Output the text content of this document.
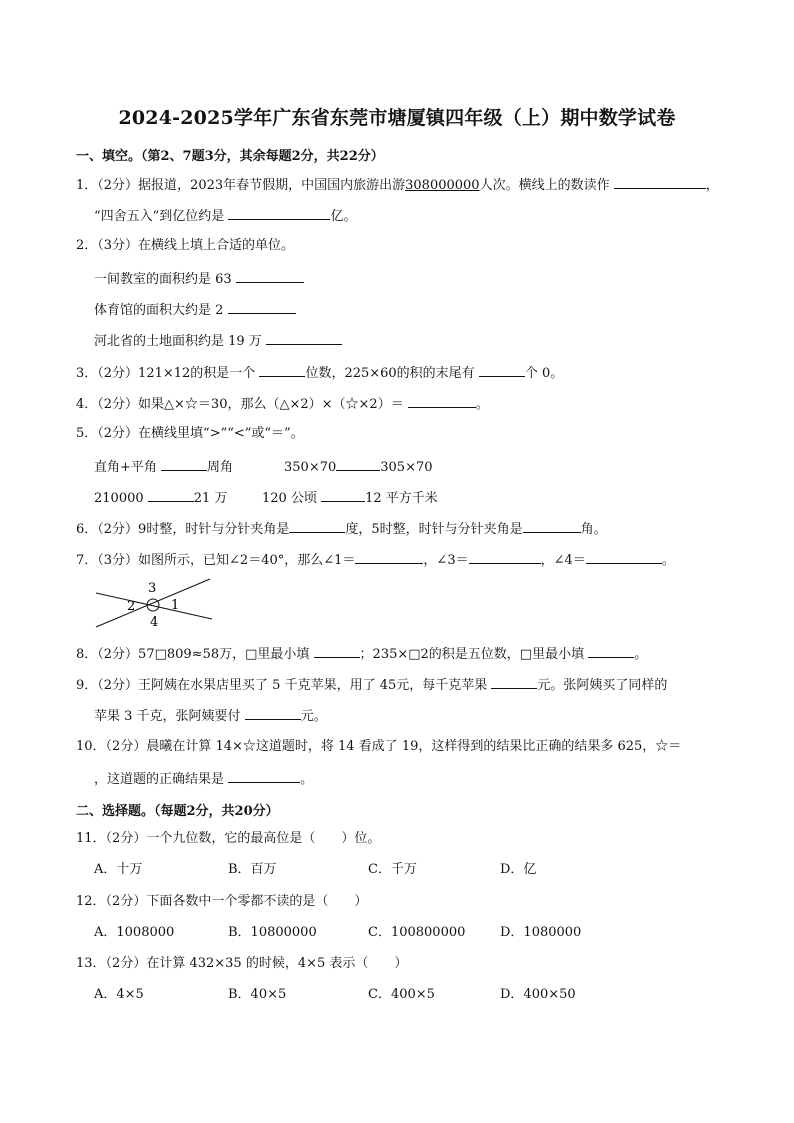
2024-2025学年广东省东莞市塘厦镇四年级（上）期中数学试卷
一、填空。（第2、7题3分，其余每题2分，共22分）
1．（2分）据报道，2023年春节假期，中国国内旅游出游308000000人次。横线上的数读作	，
“四舍五入”到亿位约是	亿。
2．（3分）在横线上填上合适的单位。
一间教室的面积约是 63
体育馆的面积大约是 2
河北省的土地面积约是 19 万
3．（2分）121×12的积是一个	位数，225×60的积的末尾有	个 0。
4．（2分）如果△×☆＝30，那么（△×2）×（☆×2）＝	。
5．（2分）在横线里填“>”“<”或“＝”。
直角+平角	周角	350×70	305×70
210000	21 万	120 公顷	12 平方千米
6．（2分）9时整，时针与分针夹角是	度，5时整，时针与分针夹角是	角。
7．（3分）如图所示，已知∠2＝40°，那么∠1＝	，∠3＝	，∠4＝	。
3
2	1
4
8．（2分）57□809≈58万，□里最小填	；235×□2的积是五位数，□里最小填	。
9．（2分）王阿姨在水果店里买了 5 千克苹果，用了 45元，每千克苹果	元。张阿姨买了同样的
苹果 3 千克，张阿姨要付	元。
10．（2分）晨曦在计算 14×☆这道题时，将 14 看成了 19，这样得到的结果比正确的结果多 625，☆＝
，这道题的正确结果是	。
二、选择题。（每题2分，共20分）
11．（2分）一个九位数，它的最高位是（　　）位。
A．十万	B．百万	C．千万	D．亿
12．（2分）下面各数中一个零都不读的是（　　）
A．1008000	B．10800000	C．100800000	D．1080000
13．（2分）在计算 432×35 的时候，4×5 表示（　　）
A．4×5	B．40×5	C．400×5	D．400×50
